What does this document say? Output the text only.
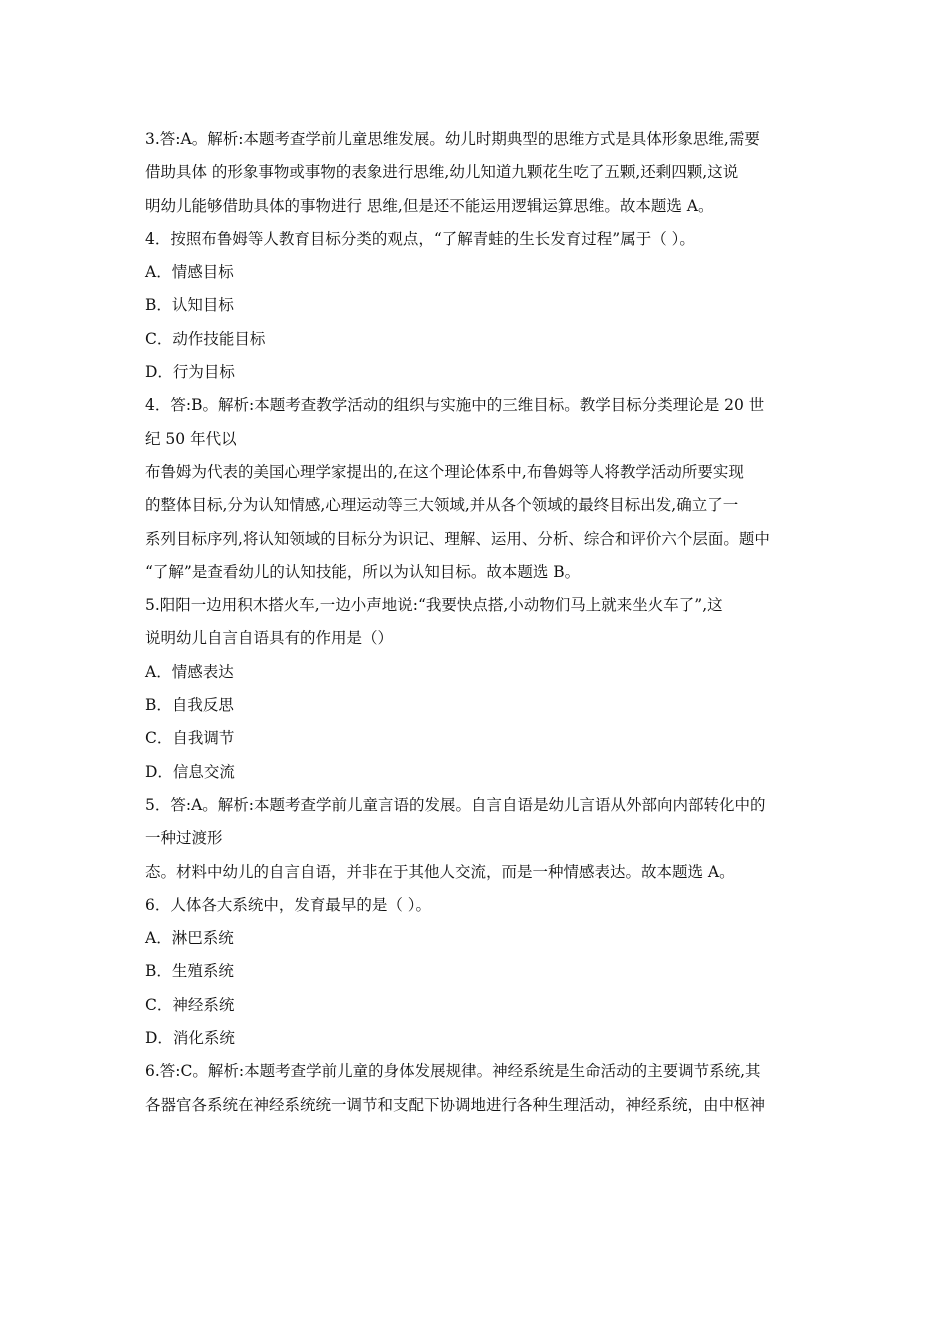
3.答:A。解析:本题考查学前儿童思维发展。幼儿时期典型的思维方式是具体形象思维,需要
借助具体 的形象事物或事物的表象进行思维,幼儿知道九颗花生吃了五颗,还剩四颗,这说
明幼儿能够借助具体的事物进行 思维,但是还不能运用逻辑运算思维。故本题选 A。
4．按照布鲁姆等人教育目标分类的观点，“了解青蛙的生长发育过程”属于（ ）。
A．情感目标
B．认知目标
C．动作技能目标
D．行为目标
4．答:B。解析:本题考查教学活动的组织与实施中的三维目标。教学目标分类理论是 20 世
纪 50 年代以
布鲁姆为代表的美国心理学家提出的,在这个理论体系中,布鲁姆等人将教学活动所要实现
的整体目标,分为认知情感,心理运动等三大领域,并从各个领域的最终目标出发,确立了一
系列目标序列,将认知领域的目标分为识记、理解、运用、分析、综合和评价六个层面。题中
“了解”是查看幼儿的认知技能，所以为认知目标。故本题选 B。
5.阳阳一边用积木搭火车,一边小声地说:“我要快点搭,小动物们马上就来坐火车了”,这
说明幼儿自言自语具有的作用是（）
A．情感表达
B．自我反思
C．自我调节
D．信息交流
5．答:A。解析:本题考查学前儿童言语的发展。自言自语是幼儿言语从外部向内部转化中的
一种过渡形
态。材料中幼儿的自言自语，并非在于其他人交流，而是一种情感表达。故本题选 A。
6．人体各大系统中，发育最早的是（ ）。
A．淋巴系统
B．生殖系统
C．神经系统
D．消化系统
6.答:C。解析:本题考查学前儿童的身体发展规律。神经系统是生命活动的主要调节系统,其
各器官各系统在神经系统统一调节和支配下协调地进行各种生理活动，神经系统，由中枢神
